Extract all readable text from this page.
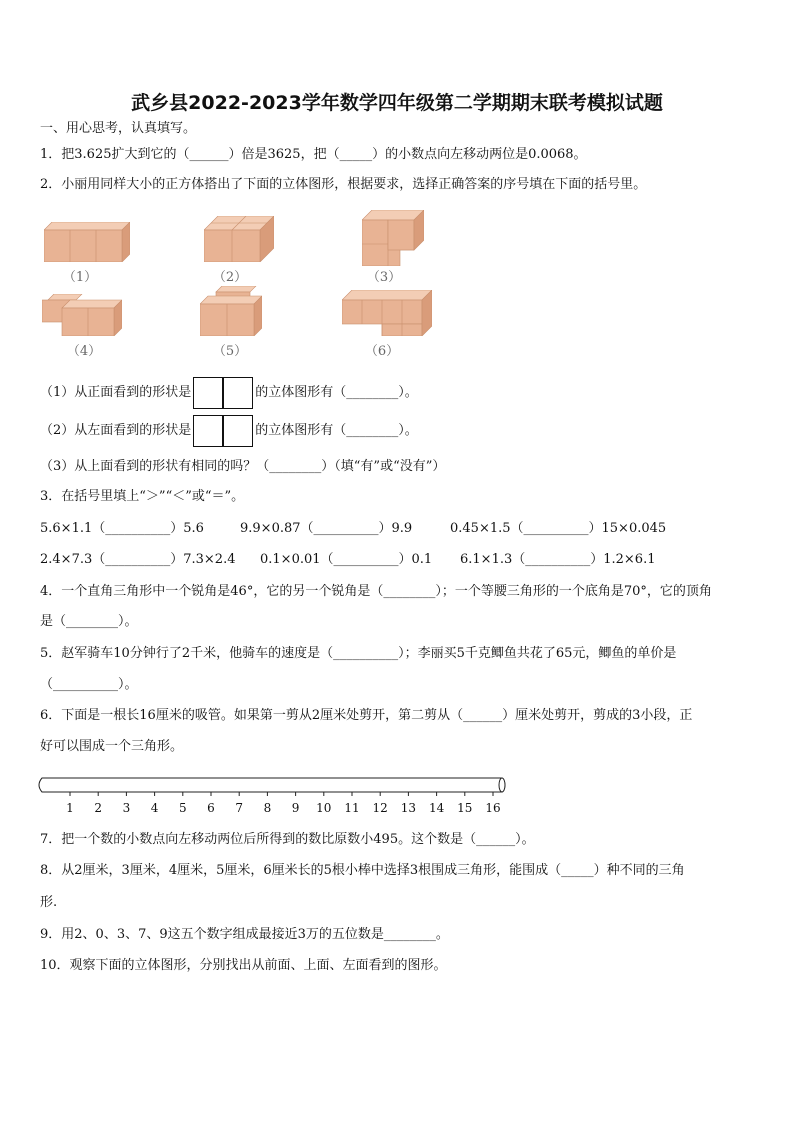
武乡县2022-2023学年数学四年级第二学期期末联考模拟试题
一、用心思考，认真填写。
1．把3.625扩大到它的（______）倍是3625，把（_____）的小数点向左移动两位是0.0068。
2．小丽用同样大小的正方体搭出了下面的立体图形，根据要求，选择正确答案的序号填在下面的括号里。
（1）	（2）	（3）
（4）	（5）	（6）
（1）从正面看到的形状是	的立体图形有（________）。
（2）从左面看到的形状是	的立体图形有（________）。
（3）从上面看到的形状有相同的吗？（________）（填“有”或“没有”）
3．在括号里填上“＞”“＜”或“＝”。
5.6×1.1（__________）5.6	9.9×0.87（__________）9.9	0.45×1.5（__________）15×0.045
2.4×7.3（__________）7.3×2.4 0.1×0.01（__________）0.1 6.1×1.3（__________）1.2×6.1
4．一个直角三角形中一个锐角是46°，它的另一个锐角是（________）；一个等腰三角形的一个底角是70°，它的顶角
是（________）。
5．赵军骑车10分钟行了2千米，他骑车的速度是（__________）；李丽买5千克鲫鱼共花了65元，鲫鱼的单价是
（__________）。
6．下面是一根长16厘米的吸管。如果第一剪从2厘米处剪开，第二剪从（______）厘米处剪开，剪成的3小段，正
好可以围成一个三角形。
1 2 3 4 5 6 7 8 9 10 11 12 13 14 15 16
7．把一个数的小数点向左移动两位后所得到的数比原数小495。这个数是（______）。
8．从2厘米，3厘米，4厘米，5厘米，6厘米长的5根小棒中选择3根围成三角形，能围成（_____）种不同的三角
形.
9．用2、0、3、7、9这五个数字组成最接近3万的五位数是________。
10．观察下面的立体图形，分别找出从前面、上面、左面看到的图形。
